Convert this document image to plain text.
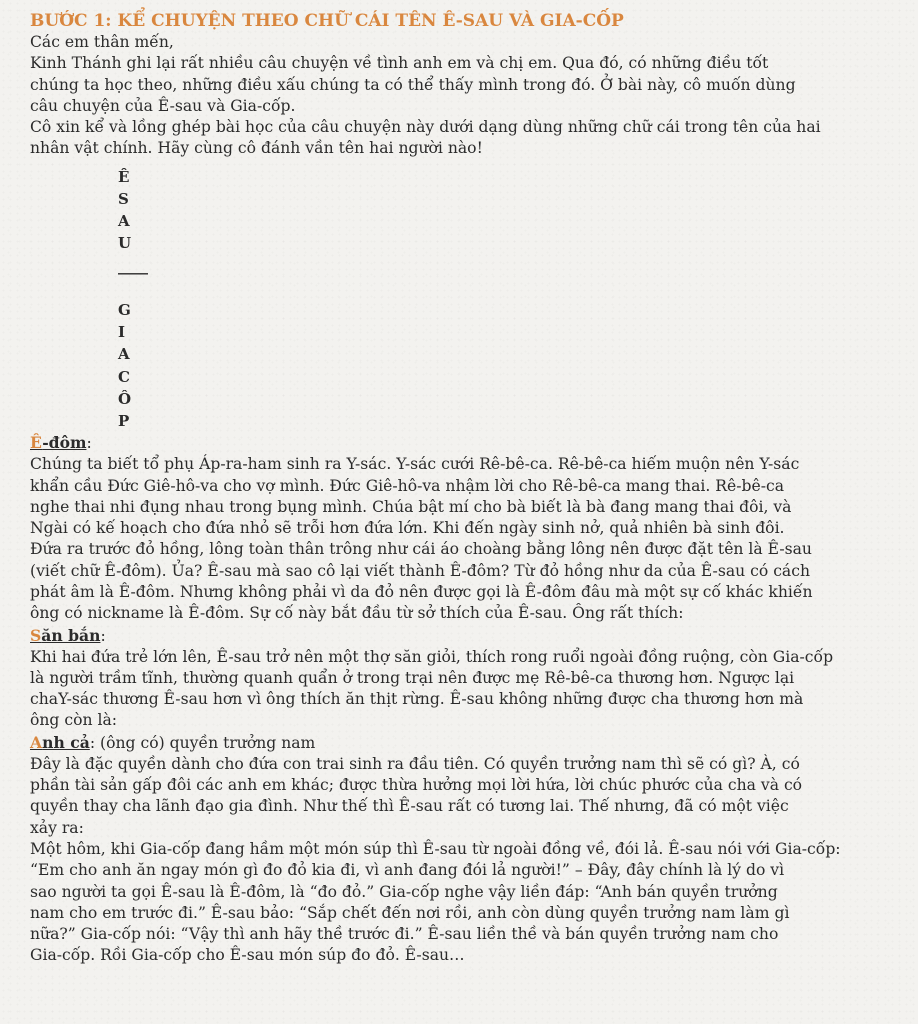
BƯỚC 1: KỂ CHUYỆN THEO CHỮ CÁI TÊN Ê-SAU VÀ GIA-CỐP

Các em thân mến,

Kinh Thánh ghi lại rất nhiều câu chuyện về tình anh em và chị em. Qua đó, có những điều tốt

chúng ta học theo, những điều xấu chúng ta có thể thấy mình trong đó. Ở bài này, cô muốn dùng

câu chuyện của Ê-sau và Gia-cốp.

Cô xin kể và lồng ghép bài học của câu chuyện này dưới dạng dùng những chữ cái trong tên của hai

nhân vật chính. Hãy cùng cô đánh vần tên hai người nào!

Ê
S
A
U
____

G
I
A
C
Ô
P

Ê-đôm:

Chúng ta biết tổ phụ Áp-ra-ham sinh ra Y-sác. Y-sác cưới Rê-bê-ca. Rê-bê-ca hiếm muộn nên Y-sác

khẩn cầu Đức Giê-hô-va cho vợ mình. Đức Giê-hô-va nhậm lời cho Rê-bê-ca mang thai. Rê-bê-ca

nghe thai nhi đụng nhau trong bụng mình. Chúa bật mí cho bà biết là bà đang mang thai đôi, và

Ngài có kế hoạch cho đứa nhỏ sẽ trỗi hơn đứa lớn. Khi đến ngày sinh nở, quả nhiên bà sinh đôi.

Đứa ra trước đỏ hồng, lông toàn thân trông như cái áo choàng bằng lông nên được đặt tên là Ê-sau

(viết chữ Ê-đôm). Ủa? Ê-sau mà sao cô lại viết thành Ê-đôm? Từ đỏ hồng như da của Ê-sau có cách

phát âm là Ê-đôm. Nhưng không phải vì da đỏ nên được gọi là Ê-đôm đâu mà một sự cố khác khiến

ông có nickname là Ê-đôm. Sự cố này bắt đầu từ sở thích của Ê-sau. Ông rất thích:

Săn bắn:

Khi hai đứa trẻ lớn lên, Ê-sau trở nên một thợ săn giỏi, thích rong ruổi ngoài đồng ruộng, còn Gia-cốp

là người trầm tĩnh, thường quanh quẩn ở trong trại nên được mẹ Rê-bê-ca thương hơn. Ngược lại

chaY-sác thương Ê-sau hơn vì ông thích ăn thịt rừng. Ê-sau không những được cha thương hơn mà

ông còn là:

Anh cả: (ông có) quyền trưởng nam

Đây là đặc quyền dành cho đứa con trai sinh ra đầu tiên. Có quyền trưởng nam thì sẽ có gì? À, có

phần tài sản gấp đôi các anh em khác; được thừa hưởng mọi lời hứa, lời chúc phước của cha và có

quyền thay cha lãnh đạo gia đình. Như thế thì Ê-sau rất có tương lai. Thế nhưng, đã có một việc

xảy ra:

Một hôm, khi Gia-cốp đang hầm một món súp thì Ê-sau từ ngoài đồng về, đói lả. Ê-sau nói với Gia-cốp:

“Em cho anh ăn ngay món gì đo đỏ kia đi, vì anh đang đói lả người!” – Đây, đây chính là lý do vì

sao người ta gọi Ê-sau là Ê-đôm, là “đo đỏ.” Gia-cốp nghe vậy liền đáp: “Anh bán quyền trưởng

nam cho em trước đi.” Ê-sau bảo: “Sắp chết đến nơi rồi, anh còn dùng quyền trưởng nam làm gì

nữa?” Gia-cốp nói: “Vậy thì anh hãy thề trước đi.” Ê-sau liền thề và bán quyền trưởng nam cho

Gia-cốp. Rồi Gia-cốp cho Ê-sau món súp đo đỏ. Ê-sau…
